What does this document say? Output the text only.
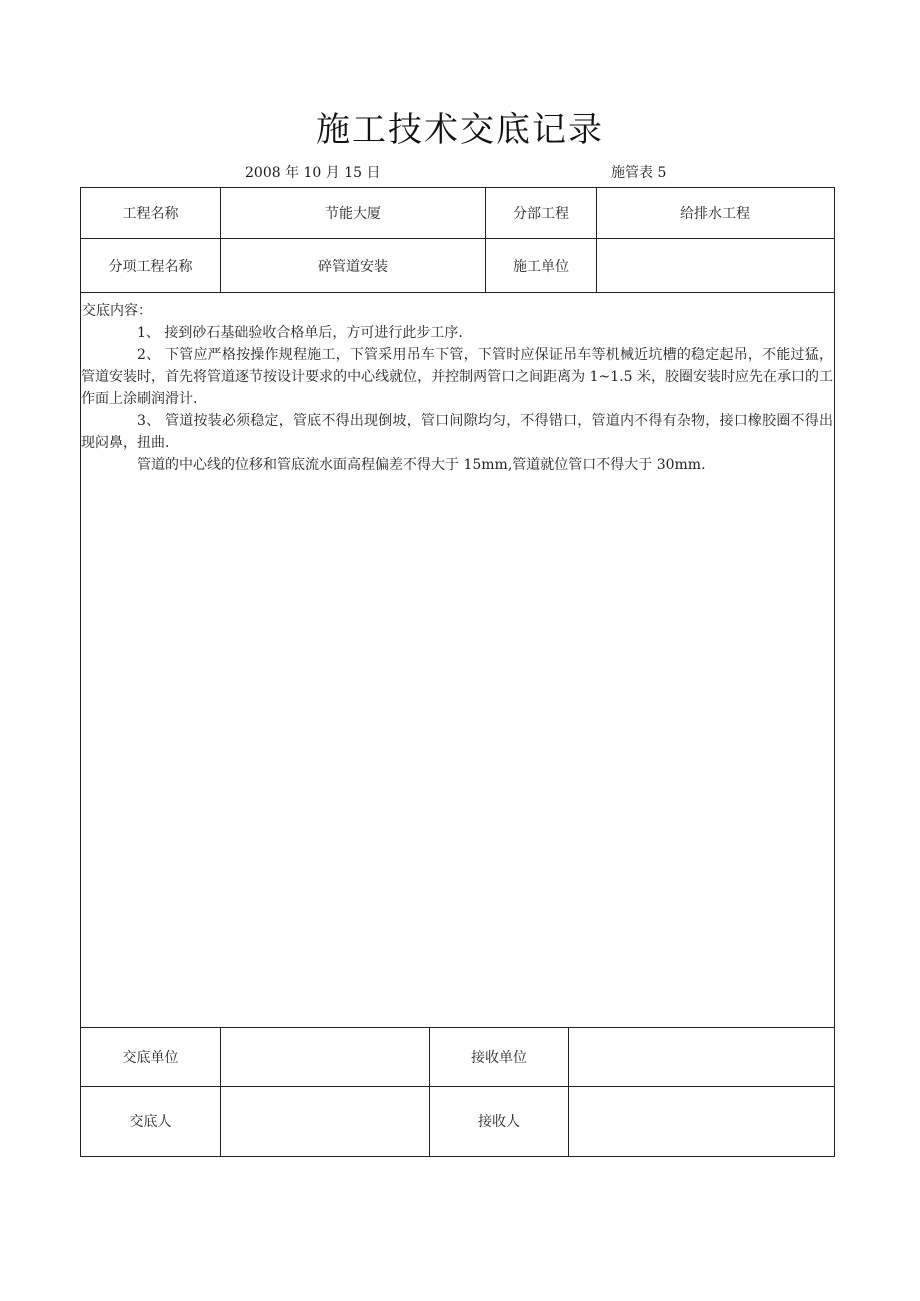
施工技术交底记录
2008 年 10 月 15 日	施管表 5
工程名称	节能大厦	分部工程	给排水工程
分项工程名称	碎管道安装	施工单位

交底内容：

1、 接到砂石基础验收合格单后，方可进行此步工序.

2、 下管应严格按操作规程施工，下管采用吊车下管，下管时应保证吊车等机械近坑槽的稳定起吊，不能过猛，管道安装时，首先将管道逐节按设计要求的中心线就位，并控制两管口之间距离为 1~1.5 米，胶圈安装时应先在承口的工作面上涂刷润滑计.

3、 管道按装必须稳定，管底不得出现倒坡，管口间隙均匀，不得错口，管道内不得有杂物，接口橡胶圈不得出现闷鼻，扭曲.

管道的中心线的位移和管底流水面高程偏差不得大于 15mm,管道就位管口不得大于 30mm.

交底单位	接收单位
交底人	接收人
